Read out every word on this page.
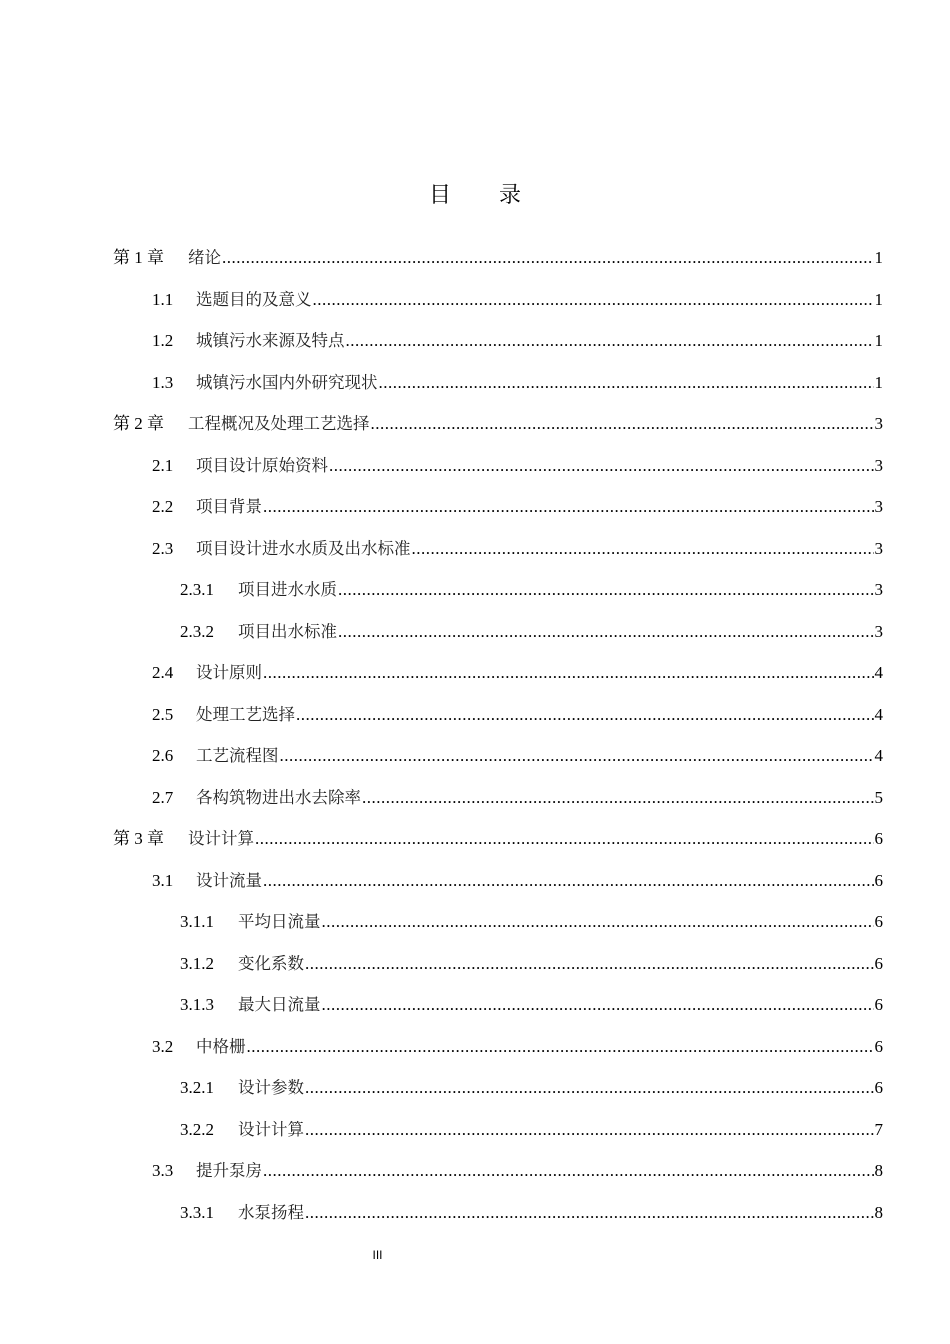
目 录
第 1 章	绪论 .....	1
1.1	选题目的及意义 .....	1
1.2	城镇污水来源及特点 .....	1
1.3	城镇污水国内外研究现状 .....	1
第 2 章	工程概况及处理工艺选择 .....	3
2.1	项目设计原始资料 .....	3
2.2	项目背景 .....	3
2.3	项目设计进水水质及出水标准 .....	3
2.3.1	项目进水水质 .....	3
2.3.2	项目出水标准 .....	3
2.4	设计原则 .....	4
2.5	处理工艺选择 .....	4
2.6	工艺流程图 .....	4
2.7	各构筑物进出水去除率 .....	5
第 3 章	设计计算 .....	6
3.1	设计流量 .....	6
3.1.1	平均日流量 .....	6
3.1.2	变化系数 .....	6
3.1.3	最大日流量 .....	6
3.2	中格栅 .....	6
3.2.1	设计参数 .....	6
3.2.2	设计计算 .....	7
3.3	提升泵房 .....	8
3.3.1	水泵扬程 .....	8
III
